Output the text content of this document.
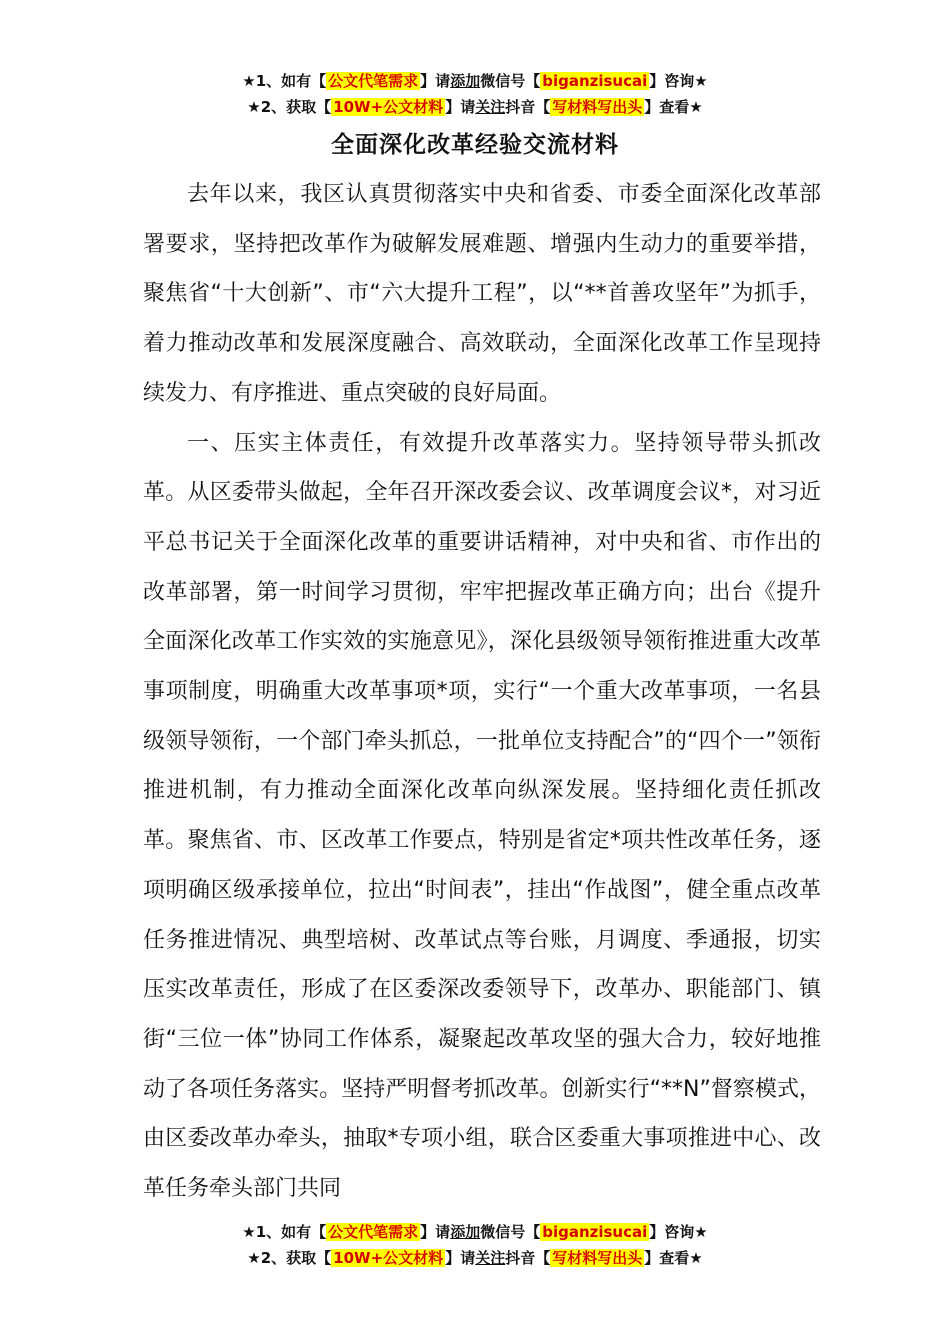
★1、如有【 公文代笔需求 】请添加微信号【 biganzisucai 】咨询★
★2、获取【 10W+公文材料 】请关注抖音【 写材料写出头 】查看★
全面深化改革经验交流材料

去年以来，我区认真贯彻落实中央和省委、市委全面深化改革部署要求，坚持把改革作为破解发展难题、增强内生动力的重要举措，聚焦省“十大创新”、市“六大提升工程”，以“**首善攻坚年”为抓手，着力推动改革和发展深度融合、高效联动，全面深化改革工作呈现持续发力、有序推进、重点突破的良好局面。

一、压实主体责任，有效提升改革落实力。坚持领导带头抓改革。从区委带头做起，全年召开深改委会议、改革调度会议*，对习近平总书记关于全面深化改革的重要讲话精神，对中央和省、市作出的改革部署，第一时间学习贯彻，牢牢把握改革正确方向；出台《提升全面深化改革工作实效的实施意见》，深化县级领导领衔推进重大改革事项制度，明确重大改革事项*项，实行“一个重大改革事项，一名县级领导领衔，一个部门牵头抓总，一批单位支持配合”的“四个一”领衔推进机制，有力推动全面深化改革向纵深发展。坚持细化责任抓改革。聚焦省、市、区改革工作要点，特别是省定*项共性改革任务，逐项明确区级承接单位，拉出“时间表”，挂出“作战图”，健全重点改革任务推进情况、典型培树、改革试点等台账，月调度、季通报，切实压实改革责任，形成了在区委深改委领导下，改革办、职能部门、镇街“三位一体”协同工作体系，凝聚起改革攻坚的强大合力，较好地推动了各项任务落实。坚持严明督考抓改革。创新实行“**N”督察模式，由区委改革办牵头，抽取*专项小组，联合区委重大事项推进中心、改革任务牵头部门共同

★1、如有【 公文代笔需求 】请添加微信号【 biganzisucai 】咨询★
★2、获取【 10W+公文材料 】请关注抖音【 写材料写出头 】查看★
